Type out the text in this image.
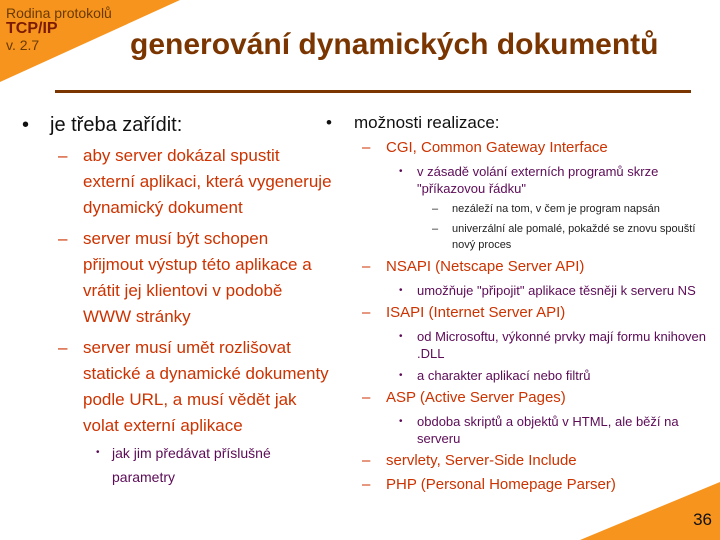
Rodina protokolů
TCP/IP
v. 2.7	generování dynamických dokumentů
36
• je třeba zařídit:
– aby server dokázal spustit externí aplikaci, která vygeneruje dynamický dokument
– server musí být schopen přijmout výstup této aplikace a vrátit jej klientovi v podobě WWW stránky
– server musí umět rozlišovat statické a dynamické dokumenty podle URL, a musí vědět jak volat externí aplikace
• jak jim předávat příslušné parametry
• možnosti realizace:
– CGI, Common Gateway Interface
• v zásadě volání externích programů skrze "příkazovou řádku"
– nezáleží na tom, v čem je program napsán
– univerzální ale pomalé, pokaždé se znovu spouští nový proces
– NSAPI (Netscape Server API)
• umožňuje "připojit" aplikace těsněji k serveru NS
– ISAPI (Internet Server API)
• od Microsoftu, výkonné prvky mají formu knihoven .DLL
• a charakter aplikací nebo filtrů
– ASP (Active Server Pages)
• obdoba skriptů a objektů v HTML, ale běží na serveru
– servlety, Server-Side Include
– PHP (Personal Homepage Parser)
